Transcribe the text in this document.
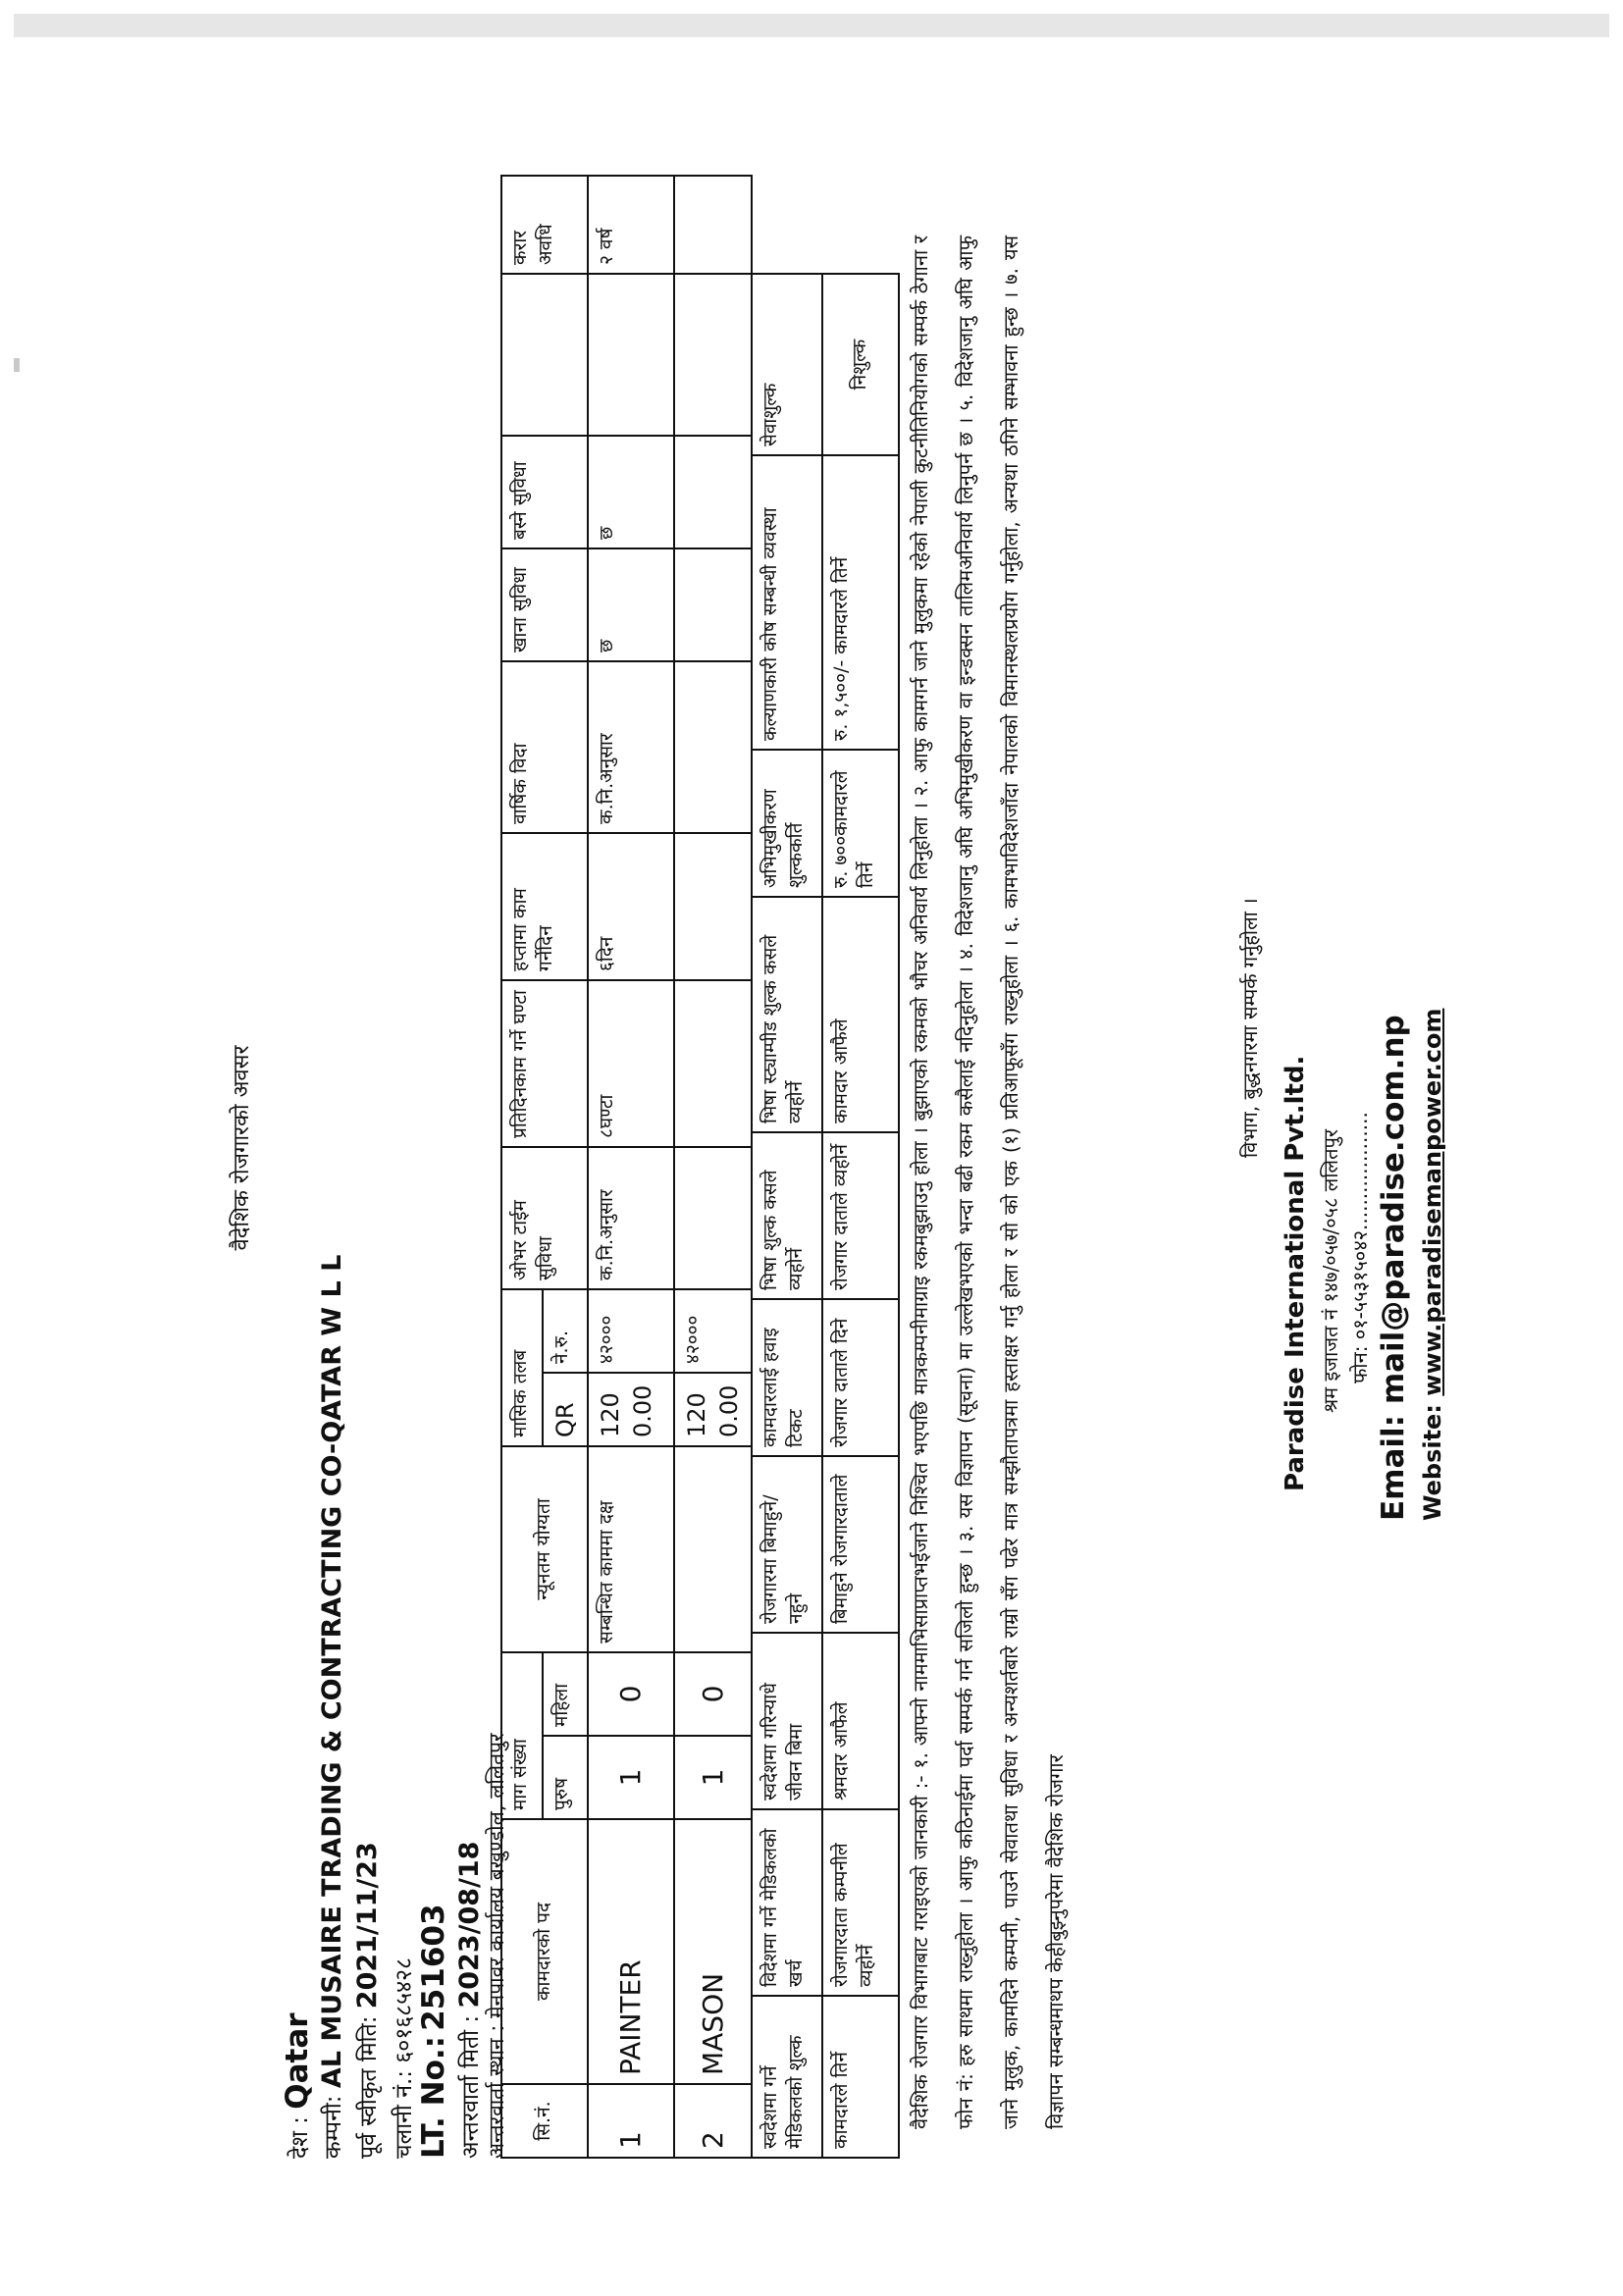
वैदेशिक रोजगारको अवसर
देश : Qatar
कम्पनी: AL MUSAIRE TRADING & CONTRACTING CO-QATAR W L L पूर्व स्वीकृत मिति: 2021/11/23
चलानी नं.: ६०१६८५४२८
LT. No.: 251603
अन्तरवार्ता मिती : 2023/08/18
अन्तरवार्ता स्थान : मेनपावर कार्यालय बखुण्डोल, ललितपुर
सि.नं.	कामदारको पद	माग संख्या		न्यूनतम योग्यता	मासिक तलब		ओभर टाईम सुविधा	प्रतिदिनकाम गर्ने घण्टा	हप्तामा काम गर्नेदिन	वार्षिक विदा	खाना सुविधा	बस्ने सुविधा		करार अवधि
		पुरुष	महिला		QR	ने.रु.								
1	PAINTER	1	0	सम्बन्धित काममा दक्ष	1200.00	४२०००	क.नि.अनुसार	८घण्टा	६दिन	क.नि.अनुसार	छ	छ		२ वर्ष
2	MASON	1	0		1200.00	४२०००								
स्वदेशमा गर्ने मेडिकलको शुल्क	विदेशमा गर्ने मेडिकलको खर्च	स्वदेशमा गरिन्याधे जीवन बिमा	रोजगारमा बिमाहुने/नहुने	कामदारलाई हवाइ टिकट	भिषा शुल्क कसले व्यहोर्ने	भिषा स्ट्याम्पीड शुल्क कसले व्यहोर्ने	अभिमुखीकरण शुल्ककर्ति	कल्याणकारी कोष सम्बन्धी व्यवस्था	सेवाशुल्क
कामदारले तिर्ने	रोजगारदाता कम्पनीले व्यहोर्ने	श्रमदार आफैले	बिमाहुने रोजगारदाताले	रोजगार दाताले दिने	रोजगार दाताले व्यहोर्ने	कामदार आफैले	रु. ७००कामदारले तिर्ने	रु. १,५००/- कामदारले तिर्ने	निशुल्क	वैदेशिक रोजगार विभागबाट गराइएको जानकारी :- १. आफ्नो नाममाभिसाप्राप्तभईजाने निश्चित भएपछि मात्रकम्पनीमाग्राइ रकमबुझाउनु होला । बुझाएको रकमको भौचर अनिवार्य लिनुहोला । २. आफु कामगर्न जाने मुलुकमा रहेको नेपाली कुटनीतिनियोगको सम्पर्क ठेगाना र फोन नं: हरु साथमा राख्नुहोला । आफु कठिनाईमा पर्दा सम्पर्क गर्न सजिलो हुन्छ । ३. यस विज्ञापन (सूचना) मा उल्लेखभएको भन्दा बढी रकम कसैलाई नदिनुहोला । ४. विदेशजानु अघि अभिमुखीकरण वा इन्डक्सन तालिमअनिवार्य लिनुपर्न छ । ५. विदेशजानु अघि आफु जाने मुलुक, कामदिने कम्पनी, पाउने सेवातथा सुविधा र अन्यशर्तबारे राम्रो सँग पढेर मात्र सम्झौतापत्रमा हस्ताक्षर गर्नु होला र सो को एक (१) प्रतिआफूसँग राख्नुहोला । ६. कामभाविदेशजाँदा नेपालको विमानस्थलप्रयोग गर्नुहोला, अन्यथा ठगिने सम्भावना हुन्छ । ७. यस विज्ञापन सम्बन्धमाथप केहीबुझ्नुपरेमा वैदेशिक रोजगार
विभाग, बुद्धनगरमा सम्पर्क गर्नुहोला ।
Paradise International Pvt.ltd. श्रम इजाजत नं १४७/०५७/०५८ ललितपुर फोन: ०१-५५३१५०४२................... Email: mail@paradise.com.np Website: www.paradisemanpower.com
